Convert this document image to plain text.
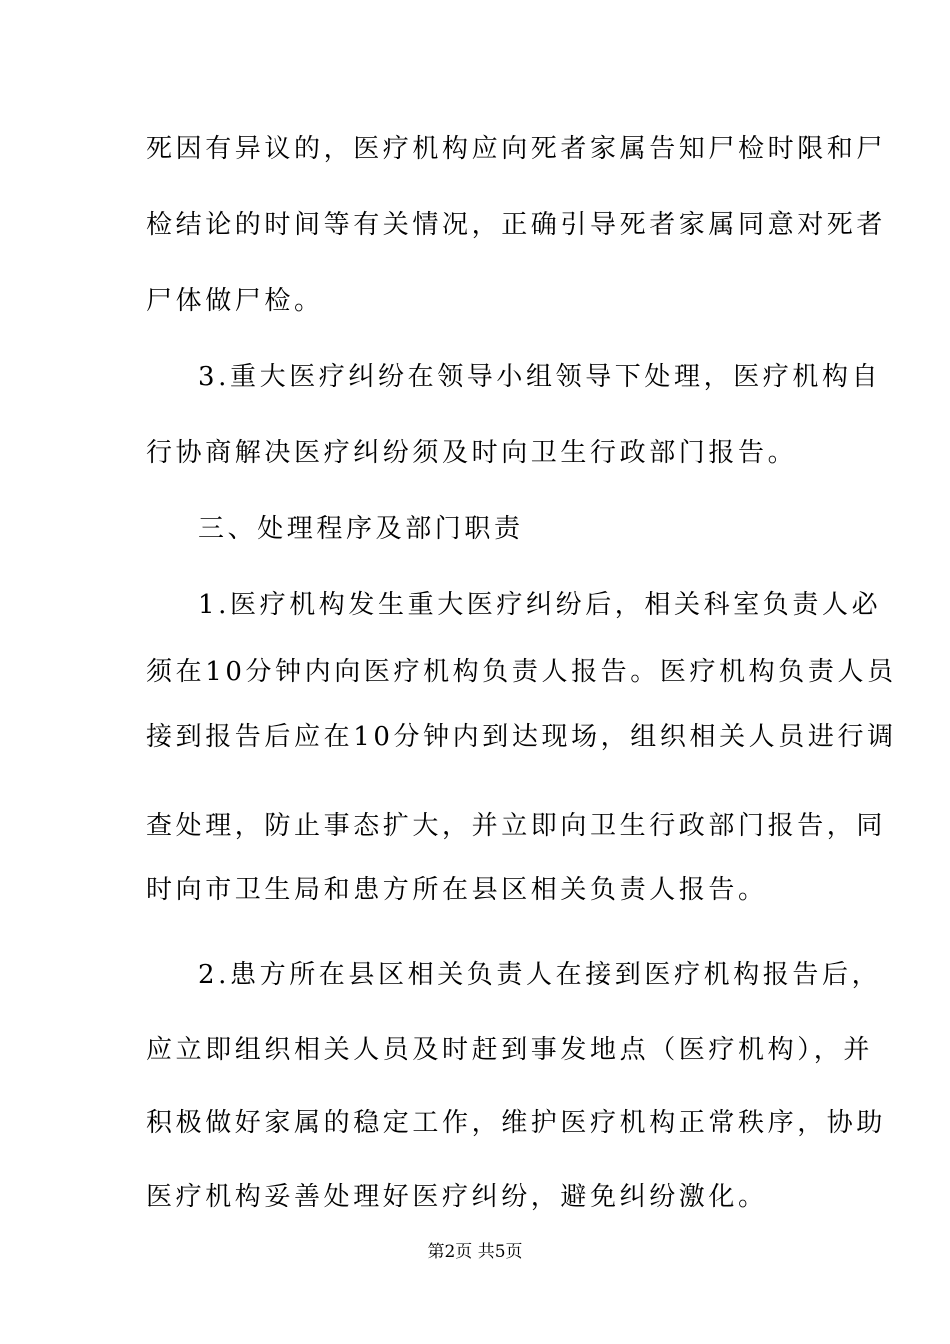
死因有异议的，医疗机构应向死者家属告知尸检时限和尸
检结论的时间等有关情况，正确引导死者家属同意对死者
尸体做尸检。
3.重大医疗纠纷在领导小组领导下处理，医疗机构自
行协商解决医疗纠纷须及时向卫生行政部门报告。
三、处理程序及部门职责
1.医疗机构发生重大医疗纠纷后，相关科室负责人必
须在10分钟内向医疗机构负责人报告。医疗机构负责人员
接到报告后应在10分钟内到达现场，组织相关人员进行调
查处理，防止事态扩大，并立即向卫生行政部门报告，同
时向市卫生局和患方所在县区相关负责人报告。
2.患方所在县区相关负责人在接到医疗机构报告后，
应立即组织相关人员及时赶到事发地点（医疗机构），并
积极做好家属的稳定工作，维护医疗机构正常秩序，协助
医疗机构妥善处理好医疗纠纷，避免纠纷激化。
第2页 共5页
